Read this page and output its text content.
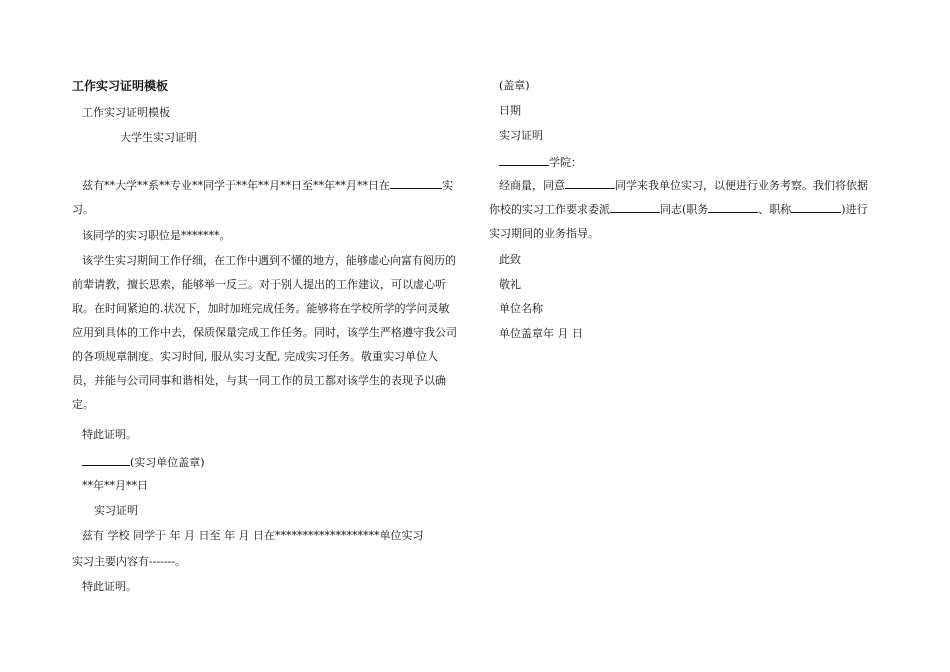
工作实习证明模板
工作实习证明模板
大学生实习证明
兹有**大学**系**专业**同学于**年**月**日至**年**月**日在	实习。
该同学的实习职位是*******。
该学生实习期间工作仔细，在工作中遇到不懂的地方，能够虚心向富有阅历的前辈请教，擅长思索，能够举一反三。对于别人提出的工作建议，可以虚心听取。在时间紧迫的.状况下，加时加班完成任务。能够将在学校所学的学问灵敏应用到具体的工作中去，保质保量完成工作任务。同时，该学生严格遵守我公司的各项规章制度。实习时间, 服从实习支配, 完成实习任务。敬重实习单位人员，并能与公司同事和谐相处，与其一同工作的员工都对该学生的表现予以确定。
特此证明。
(实习单位盖章)
**年**月**日
实习证明
兹有 学校 同学于 年 月 日至 年 月 日在*******************单位实习
实习主要内容有-------。
特此证明。
(盖章)
日期
实习证明
学院：
经商量，同意	同学来我单位实习，以便进行业务考察。我们将依据你校的实习工作要求委派	同志(职务	、职称	)进行实习期间的业务指导。
此致
敬礼
单位名称
单位盖章年 月 日
